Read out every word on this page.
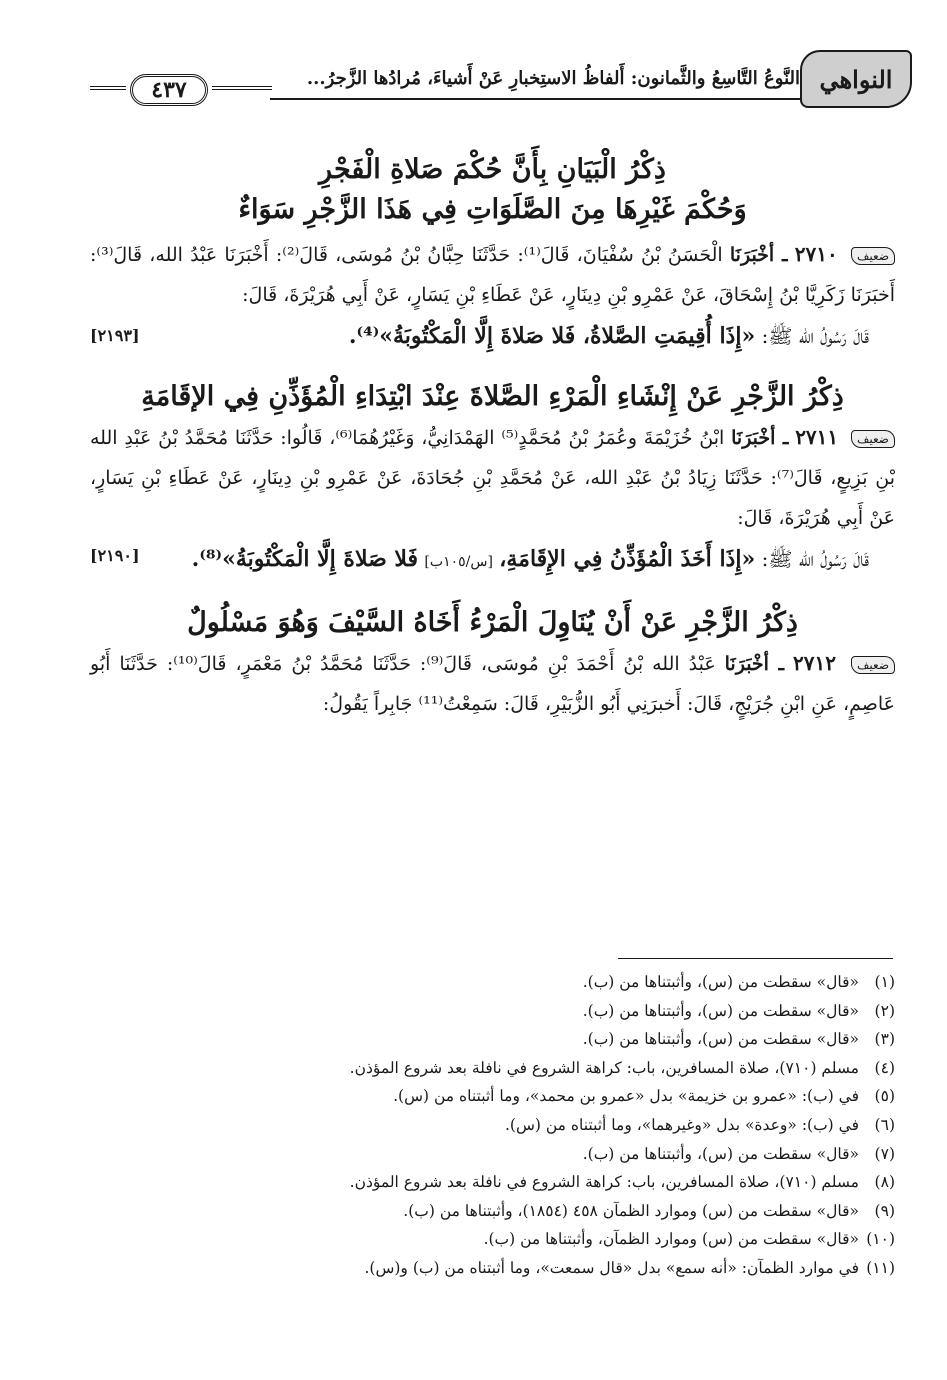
٤٣٧	النَّوعُ التَّاسِعُ والثَّمانون: أَلفاظُ الاستِخبارِ عَنْ أَشياءَ، مُرادُها الزَّجرُ... النواهي
ذِكْرُ الْبَيَانِ بِأَنَّ حُكْمَ صَلاةِ الْفَجْرِ
وَحُكْمَ غَيْرِهَا مِنَ الصَّلَوَاتِ فِي هَذَا الزَّجْرِ سَوَاءٌ

ضعيف ٢٧١٠ ـ أخْبَرَنَا الْحَسَنُ بْنُ سُفْيَانَ، قَالَ⁽¹⁾: حَدَّثَنَا حِبَّانُ بْنُ مُوسَى، قَالَ⁽²⁾: أَخْبَرَنَا عَبْدُ الله، قَالَ⁽³⁾: أَخبَرَنَا زَكَرِيَّا بْنُ إِسْحَاقَ، عَنْ عَمْرِو بْنِ دِينَارٍ، عَنْ عَطَاءِ بْنِ يَسَارٍ، عَنْ أَبِي هُرَيْرَةَ، قَالَ:

قَالَ رَسُولُ الله ﷺ: «إِذَا أُقِيمَتِ الصَّلاةُ، فَلا صَلاةَ إِلَّا الْمَكْتُوبَةُ»⁽⁴⁾.
[٢١٩٣]

ذِكْرُ الزَّجْرِ عَنْ إِنْشَاءِ الْمَرْءِ الصَّلاةَ عِنْدَ ابْتِدَاءِ الْمُؤَذِّنِ فِي الإقَامَةِ

ضعيف ٢٧١١ ـ أخْبَرَنَا ابْنُ خُزَيْمَةَ وعُمَرُ بْنُ مُحَمَّدٍ⁽⁵⁾ الهَمْدَانِيُّ، وَغَيْرُهُمَا⁽⁶⁾، قَالُوا: حَدَّثَنَا مُحَمَّدُ بْنُ عَبْدِ الله بْنِ بَزِيعٍ، قَالَ⁽⁷⁾: حَدَّثَنَا زِيَادُ بْنُ عَبْدِ الله، عَنْ مُحَمَّدِ بْنِ جُحَادَةَ، عَنْ عَمْرِو بْنِ دِينَارٍ، عَنْ عَطَاءِ بْنِ يَسَارٍ، عَنْ أَبِي هُرَيْرَةَ، قَالَ:

قَالَ رَسُولُ الله ﷺ: «إِذَا أَخَذَ الْمُؤَذِّنُ فِي الإِقَامَةِ، [س/١٠٥ب] فَلا صَلاةَ إِلَّا الْمَكْتُوبَةُ»⁽⁸⁾.
[٢١٩٠]

ذِكْرُ الزَّجْرِ عَنْ أَنْ يُنَاوِلَ الْمَرْءُ أَخَاهُ السَّيْفَ وَهُوَ مَسْلُولٌ

ضعيف ٢٧١٢ ـ أخْبَرَنَا عَبْدُ الله بْنُ أَحْمَدَ بْنِ مُوسَى، قَالَ⁽⁹⁾: حَدَّثَنَا مُحَمَّدُ بْنُ مَعْمَرٍ، قَالَ⁽¹⁰⁾: حَدَّثَنَا أَبُو عَاصِمٍ، عَنِ ابْنِ جُرَيْجٍ، قَالَ: أَخبرَنِي أَبُو الزُّبَيْرِ، قَالَ: سَمِعْتُ⁽¹¹⁾ جَابِراً يَقُولُ:

(١)«قال» سقطت من (س)، وأثبتناها من (ب).
(٢)«قال» سقطت من (س)، وأثبتناها من (ب).
(٣)«قال» سقطت من (س)، وأثبتناها من (ب).
(٤)مسلم (٧١٠)، صلاة المسافرين، باب: كراهة الشروع في نافلة بعد شروع المؤذن.
(٥)في (ب): «عمرو بن خزيمة» بدل «عمرو بن محمد»، وما أثبتناه من (س).
(٦)في (ب): «وعدة» بدل «وغيرهما»، وما أثبتناه من (س).
(٧)«قال» سقطت من (س)، وأثبتناها من (ب).
(٨)مسلم (٧١٠)، صلاة المسافرين، باب: كراهة الشروع في نافلة بعد شروع المؤذن.
(٩)«قال» سقطت من (س) وموارد الظمآن ٤٥٨ (١٨٥٤)، وأثبتناها من (ب).
(١٠)«قال» سقطت من (س) وموارد الظمآن، وأثبتناها من (ب).
(١١)في موارد الظمآن: «أنه سمع» بدل «قال سمعت»، وما أثبتناه من (ب) و(س).
